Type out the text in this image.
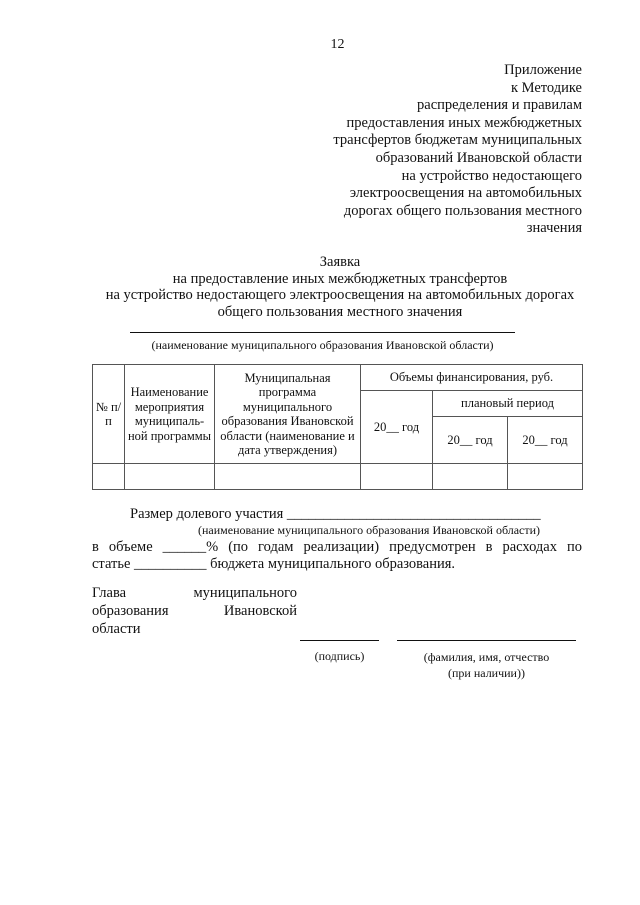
12
Приложение
к Методике
распределения и правилам
предоставления иных межбюджетных
трансфертов бюджетам муниципальных
образований Ивановской области
на устройство недостающего
электроосвещения на автомобильных
дорогах общего пользования местного
значения
Заявка
на предоставление иных межбюджетных трансфертов
на устройство недостающего электроосвещения на автомобильных дорогах
общего пользования местного значения
(наименование муниципального образования Ивановской области)
№ п/п	Наименование мероприятия муниципаль-ной программы	Муниципальная программа муниципального образования Ивановской области (наименование и дата утверждения)	Объемы финансирования, руб.		
			20__ год	плановый период	
				20__ год	20__ год

Размер долевого участия ___________________________________
(наименование муниципального образования Ивановской области)
в объеме ______% (по годам реализации) предусмотрен в расходах по
статье __________ бюджета муниципального образования.
Глава муниципального
образования Ивановской
области
(подпись)	(фамилия, имя, отчество
(при наличии))
